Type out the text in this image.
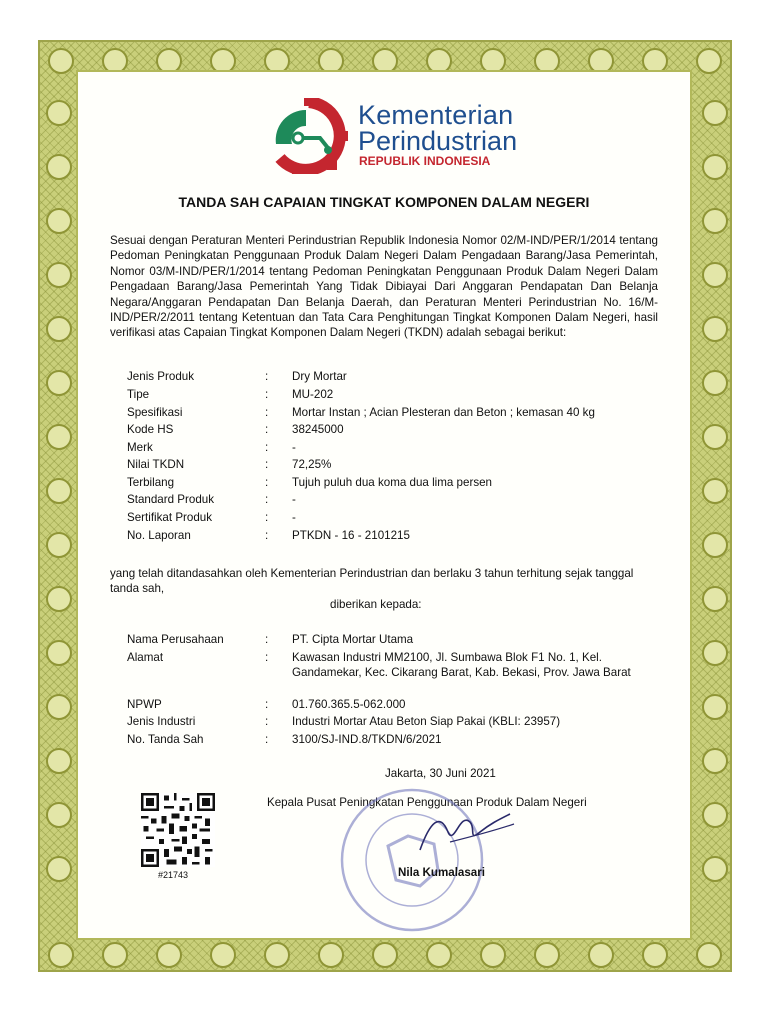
Kementerian
Perindustrian
REPUBLIK INDONESIA
TANDA SAH CAPAIAN TINGKAT KOMPONEN DALAM NEGERI
Sesuai dengan Peraturan Menteri Perindustrian Republik Indonesia Nomor 02/M-IND/PER/1/2014 tentang Pedoman Peningkatan Penggunaan Produk Dalam Negeri Dalam Pengadaan Barang/Jasa Pemerintah, Nomor 03/M-IND/PER/1/2014 tentang Pedoman Peningkatan Penggunaan Produk Dalam Negeri Dalam Pengadaan Barang/Jasa Pemerintah Yang Tidak Dibiayai Dari Anggaran Pendapatan Dan Belanja Negara/Anggaran Pendapatan Dan Belanja Daerah, dan Peraturan Menteri Perindustrian No. 16/M-IND/PER/2/2011 tentang Ketentuan dan Tata Cara Penghitungan Tingkat Komponen Dalam Negeri, hasil verifikasi atas Capaian Tingkat Komponen Dalam Negeri (TKDN) adalah sebagai berikut:
Jenis Produk	: Dry Mortar
Tipe	: MU-202
Spesifikasi	: Mortar Instan ; Acian Plesteran dan Beton ; kemasan 40 kg
Kode HS	: 38245000
Merk	: -
Nilai TKDN	: 72,25%
Terbilang	: Tujuh puluh dua koma dua lima persen
Standard Produk	: -
Sertifikat Produk	: -
No. Laporan	: PTKDN - 16 - 2101215
yang telah ditandasahkan oleh Kementerian Perindustrian dan berlaku 3 tahun terhitung sejak tanggal tanda sah,
diberikan kepada:
Nama Perusahaan	: PT. Cipta Mortar Utama
Alamat	: Kawasan Industri MM2100, Jl. Sumbawa Blok F1 No. 1, Kel. Gandamekar, Kec. Cikarang Barat, Kab. Bekasi, Prov. Jawa Barat
NPWP	: 01.760.365.5-062.000
Jenis Industri	: Industri Mortar Atau Beton Siap Pakai (KBLI: 23957)
No. Tanda Sah	: 3100/SJ-IND.8/TKDN/6/2021
Jakarta, 30 Juni 2021
Kepala Pusat Peningkatan Penggunaan Produk Dalam Negeri
Nila Kumalasari
#21743
